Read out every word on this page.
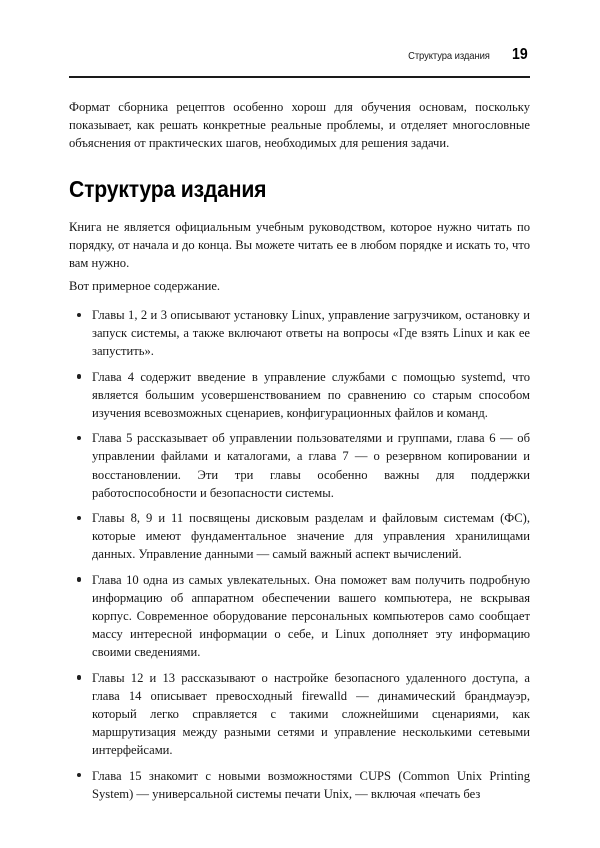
Структура издания 19

Формат сборника рецептов особенно хорош для обучения основам, поскольку показывает, как решать конкретные реальные проблемы, и отделяет многословные объяснения от практических шагов, необходимых для решения задачи.

Структура издания

Книга не является официальным учебным руководством, которое нужно читать по порядку, от начала и до конца. Вы можете читать ее в любом порядке и искать то, что вам нужно.

Вот примерное содержание.

Главы 1, 2 и 3 описывают установку Linux, управление загрузчиком, остановку и запуск системы, а также включают ответы на вопросы «Где взять Linux и как ее запустить».
Глава 4 содержит введение в управление службами с помощью systemd, что является большим усовершенствованием по сравнению со старым способом изучения всевозможных сценариев, конфигурационных файлов и команд.
Глава 5 рассказывает об управлении пользователями и группами, глава 6 — об управлении файлами и каталогами, а глава 7 — о резервном копировании и восстановлении. Эти три главы особенно важны для поддержки работоспособности и безопасности системы.
Главы 8, 9 и 11 посвящены дисковым разделам и файловым системам (ФС), которые имеют фундаментальное значение для управления хранилищами данных. Управление данными — самый важный аспект вычислений.
Глава 10 одна из самых увлекательных. Она поможет вам получить подробную информацию об аппаратном обеспечении вашего компьютера, не вскрывая корпус. Современное оборудование персональных компьютеров само сообщает массу интересной информации о себе, и Linux дополняет эту информацию своими сведениями.
Главы 12 и 13 рассказывают о настройке безопасного удаленного доступа, а глава 14 описывает превосходный firewalld — динамический брандмауэр, который легко справляется с такими сложнейшими сценариями, как маршрутизация между разными сетями и управление несколькими сетевыми интерфейсами.
Глава 15 знакомит с новыми возможностями CUPS (Common Unix Printing System) — универсальной системы печати Unix, — включая «печать без
